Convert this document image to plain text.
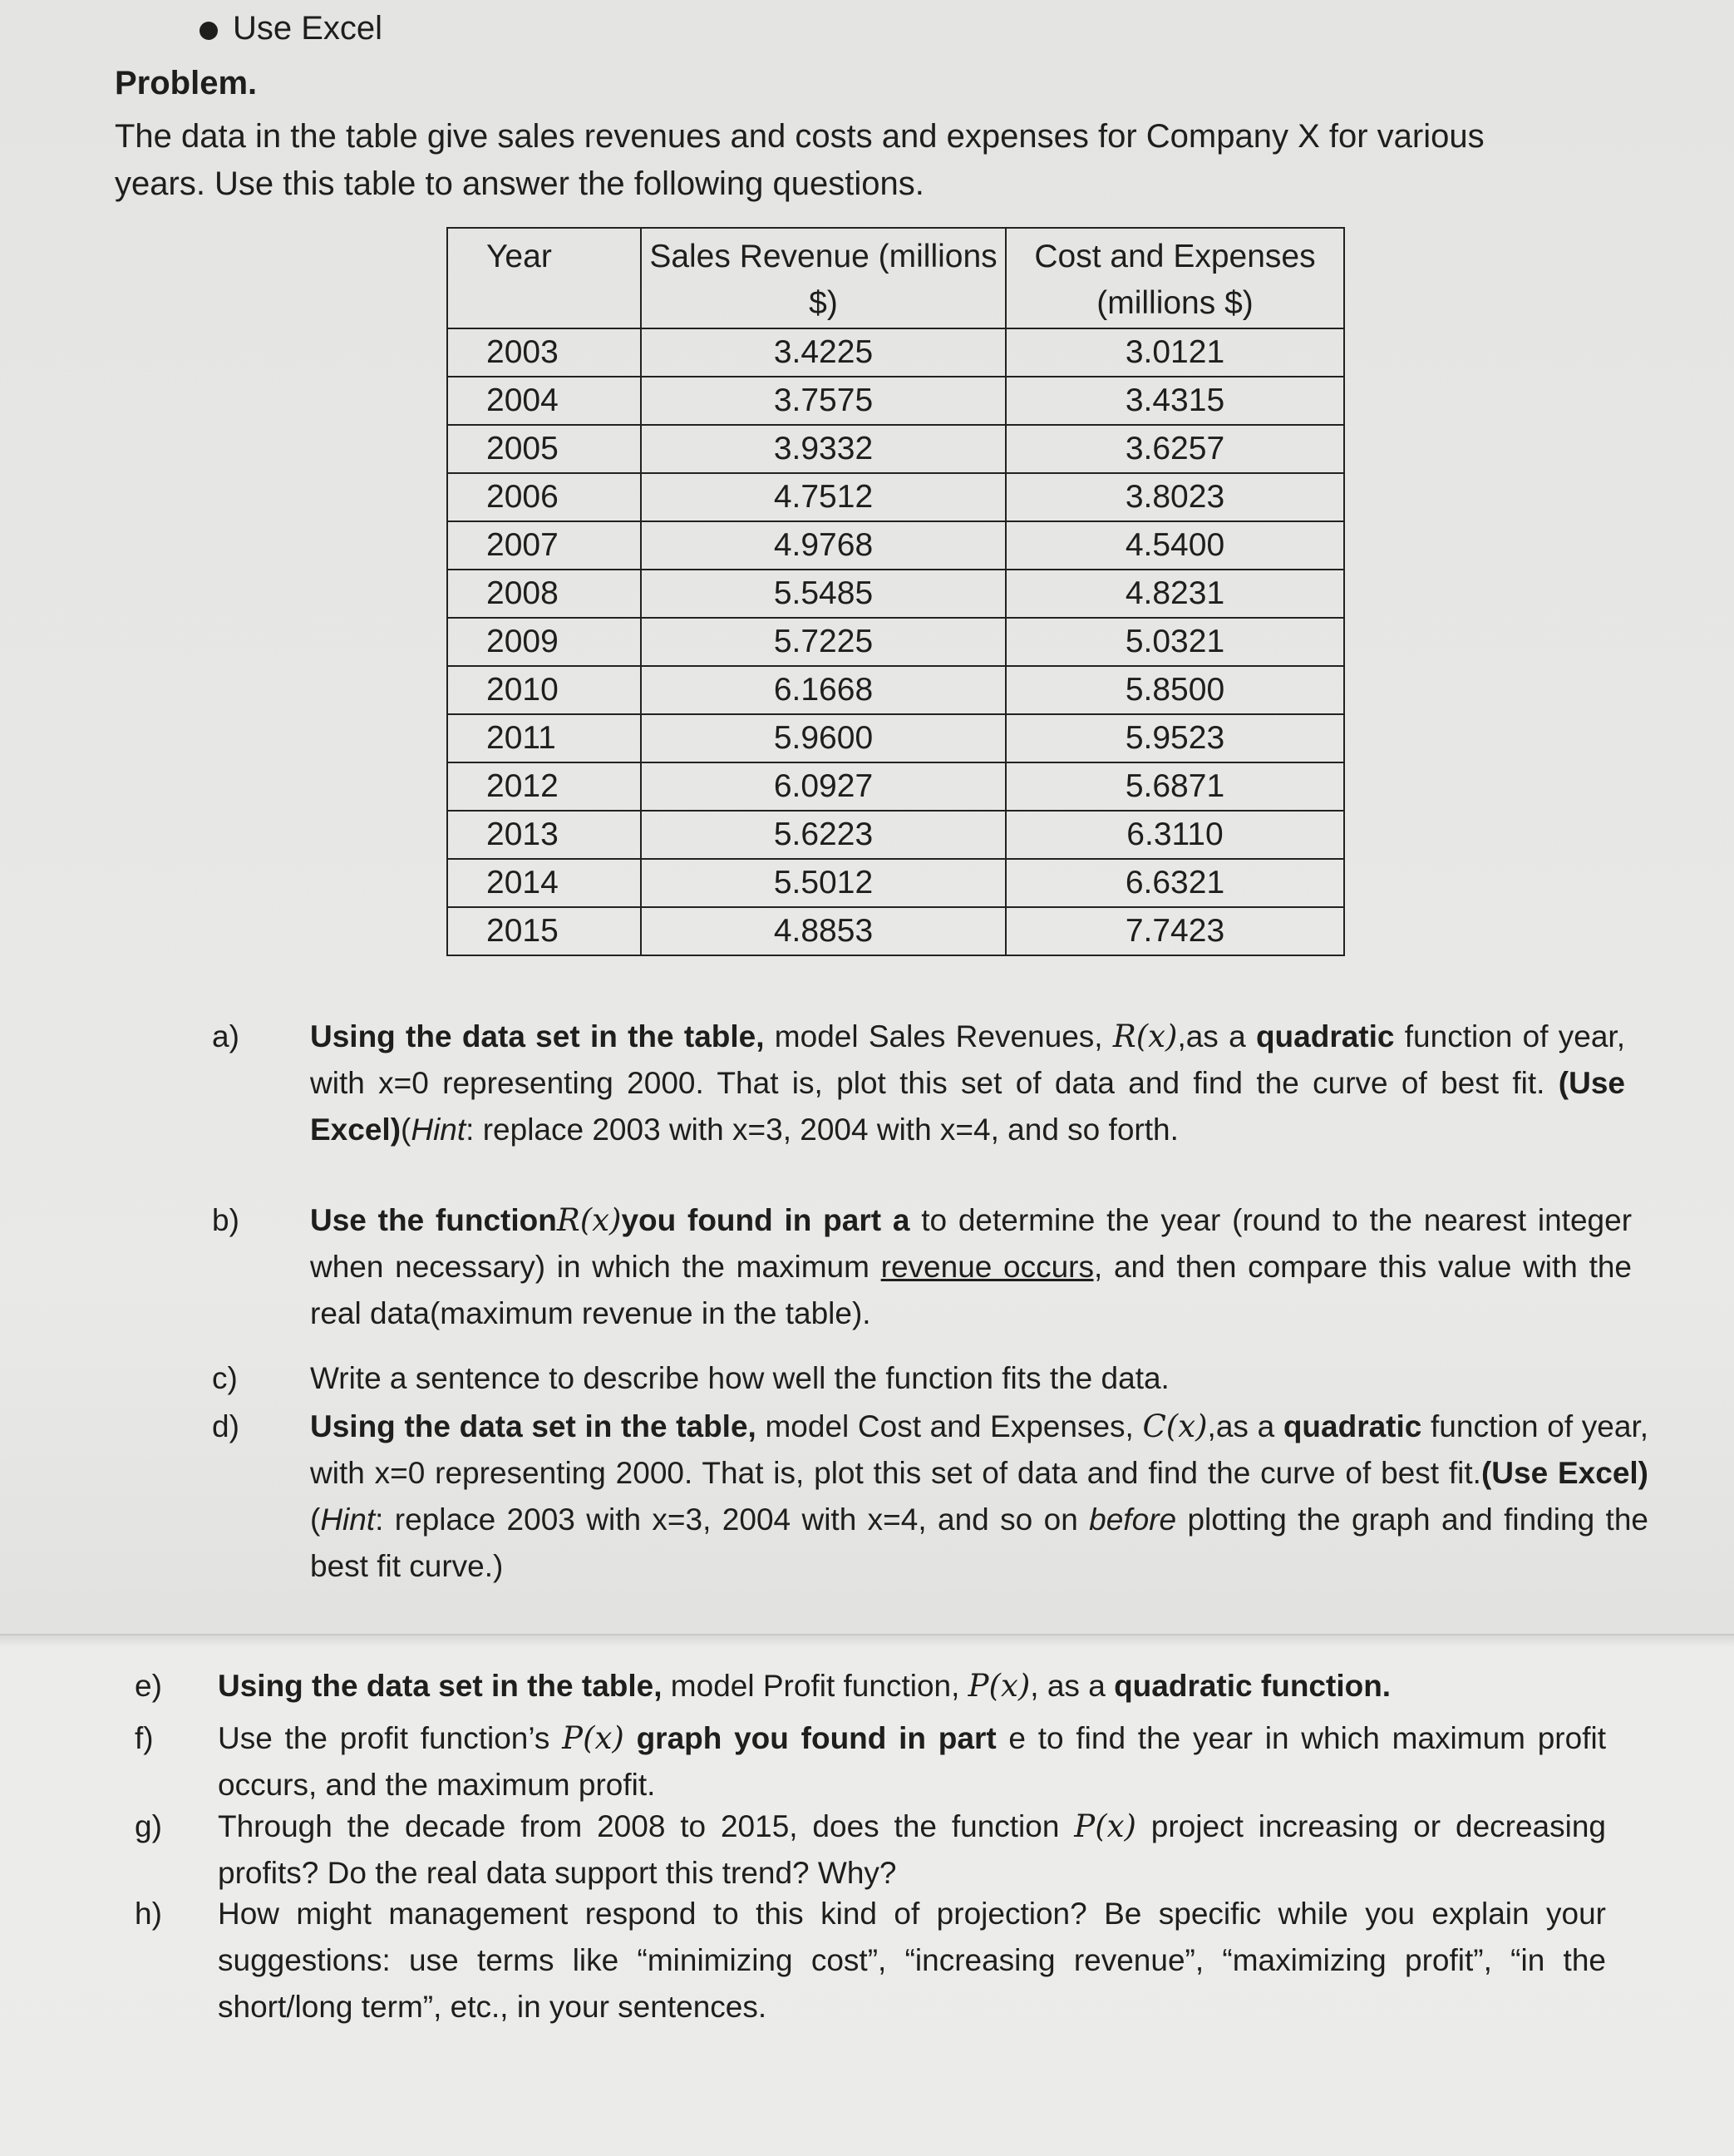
Use Excel
Problem.
The data in the table give sales revenues and costs and expenses for Company X for various years. Use this table to answer the following questions.
Year	Sales Revenue (millions $)	Cost and Expenses (millions $)
2003	3.4225	3.0121
2004	3.7575	3.4315
2005	3.9332	3.6257
2006	4.7512	3.8023
2007	4.9768	4.5400
2008	5.5485	4.8231
2009	5.7225	5.0321
2010	6.1668	5.8500
2011	5.9600	5.9523
2012	6.0927	5.6871
2013	5.6223	6.3110
2014	5.5012	6.6321
2015	4.8853	7.7423
a) Using the data set in the table, model Sales Revenues, R(x),as a quadratic function of year, with x=0 representing 2000. That is, plot this set of data and find the curve of best fit. (Use Excel)(Hint: replace 2003 with x=3, 2004 with x=4, and so forth.
b) Use the functionR(x)you found in part a to determine the year (round to the nearest integer when necessary) in which the maximum revenue occurs, and then compare this value with the real data(maximum revenue in the table).
c) Write a sentence to describe how well the function fits the data.
d) Using the data set in the table, model Cost and Expenses, C(x),as a quadratic function of year, with x=0 representing 2000. That is, plot this set of data and find the curve of best fit.(Use Excel)(Hint: replace 2003 with x=3, 2004 with x=4, and so on before plotting the graph and finding the best fit curve.)
e) Using the data set in the table, model Profit function, P(x), as a quadratic function.
f) Use the profit function’s P(x) graph you found in part e to find the year in which maximum profit occurs, and the maximum profit.
g) Through the decade from 2008 to 2015, does the function P(x) project increasing or decreasing profits? Do the real data support this trend? Why?
h) How might management respond to this kind of projection? Be specific while you explain your suggestions: use terms like “minimizing cost”, “increasing revenue”, “maximizing profit”, “in the short/long term”, etc., in your sentences.
